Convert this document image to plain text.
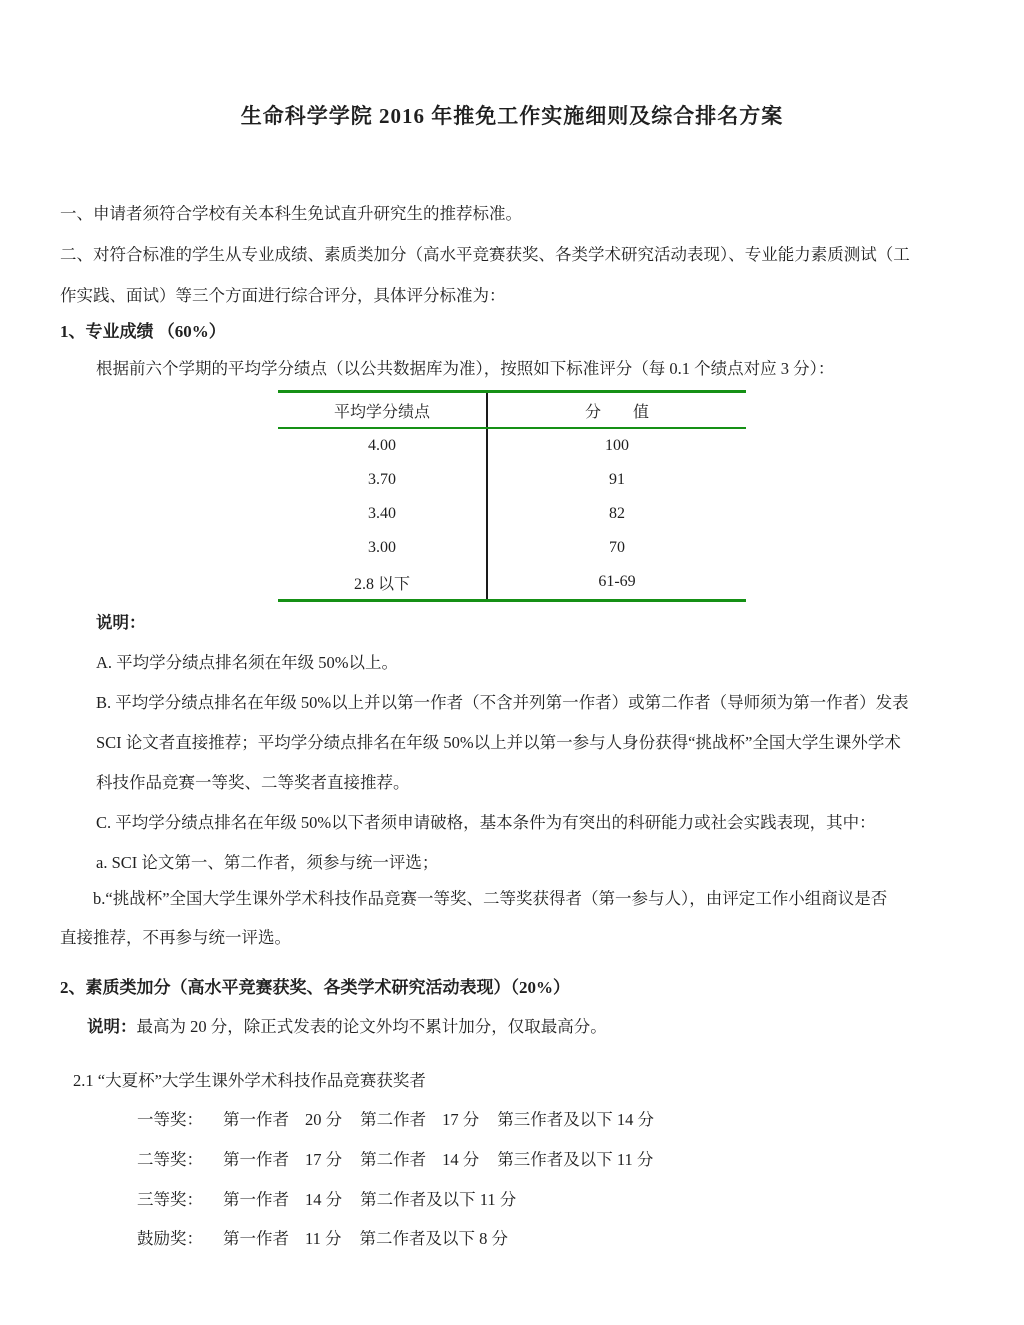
生命科学学院 2016 年推免工作实施细则及综合排名方案
一、申请者须符合学校有关本科生免试直升研究生的推荐标准。
二、对符合标准的学生从专业成绩、素质类加分（高水平竞赛获奖、各类学术研究活动表现）、专业能力素质测试（工
作实践、面试）等三个方面进行综合评分，具体评分标准为：
1、专业成绩 （60%）
根据前六个学期的平均学分绩点（以公共数据库为准），按照如下标准评分（每 0.1 个绩点对应 3 分）：
平均学分绩点	分　　值
4.00	100
3.70	91
3.40	82
3.00	70
2.8 以下	61-69
说明：
A. 平均学分绩点排名须在年级 50%以上。
B. 平均学分绩点排名在年级 50%以上并以第一作者（不含并列第一作者）或第二作者（导师须为第一作者）发表
SCI 论文者直接推荐；平均学分绩点排名在年级 50%以上并以第一参与人身份获得“挑战杯”全国大学生课外学术
科技作品竞赛一等奖、二等奖者直接推荐。
C. 平均学分绩点排名在年级 50%以下者须申请破格，基本条件为有突出的科研能力或社会实践表现，其中：
a. SCI 论文第一、第二作者，须参与统一评选；
b.“挑战杯”全国大学生课外学术科技作品竞赛一等奖、二等奖获得者（第一参与人），由评定工作小组商议是否
直接推荐，不再参与统一评选。
2、素质类加分（高水平竞赛获奖、各类学术研究活动表现）（20%）
说明：最高为 20 分，除正式发表的论文外均不累计加分，仅取最高分。
2.1 “大夏杯”大学生课外学术科技作品竞赛获奖者
一等奖：	第一作者 20 分 第二作者 17 分 第三作者及以下 14 分
二等奖：	第一作者 17 分 第二作者 14 分 第三作者及以下 11 分
三等奖：	第一作者 14 分 第二作者及以下 11 分
鼓励奖：	第一作者 11 分 第二作者及以下 8 分
